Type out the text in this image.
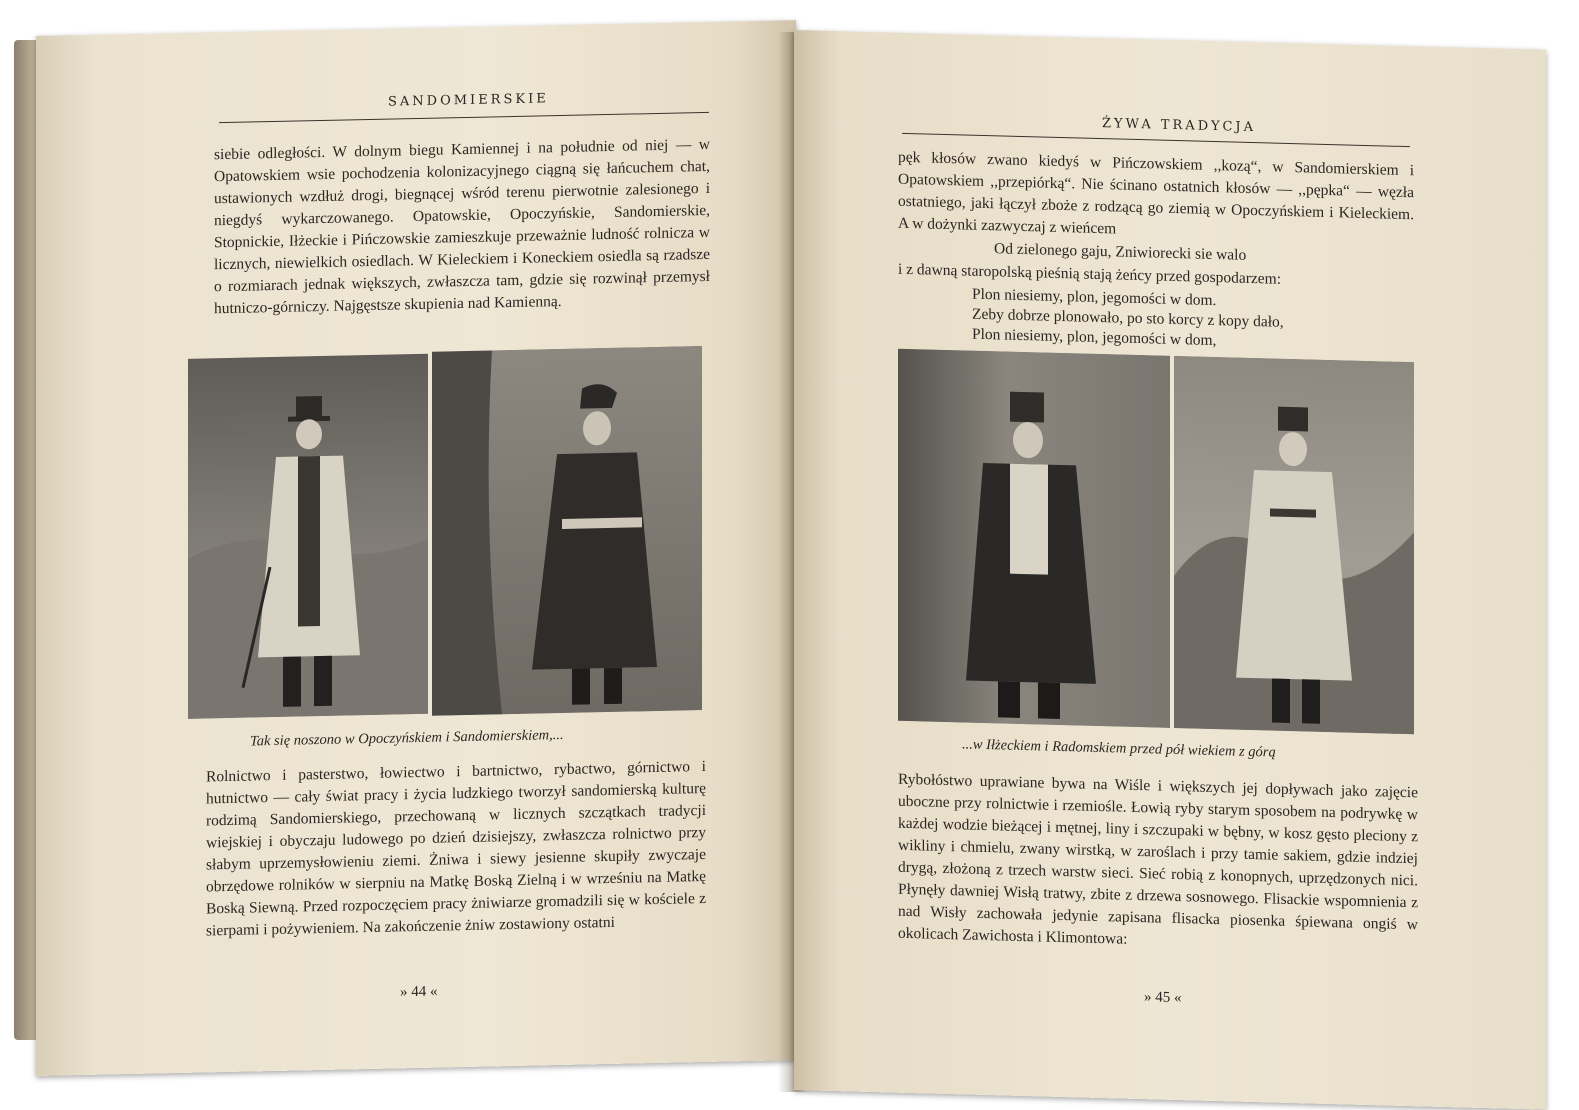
SANDOMIERSKIE

siebie odległości. W dolnym biegu Kamiennej i na południe od niej — w Opatowskiem wsie pochodzenia kolonizacyjnego ciągną się łańcuchem chat, ustawionych wzdłuż drogi, biegnącej wśród terenu pierwotnie zalesionego i niegdyś wykarczowanego. Opatowskie, Opoczyńskie, Sandomierskie, Stopnickie, Iłżeckie i Pińczowskie zamieszkuje przeważnie ludność rolnicza w licznych, niewielkich osiedlach. W Kieleckiem i Koneckiem osiedla są rzadsze o rozmiarach jednak większych, zwłaszcza tam, gdzie się rozwinął przemysł hutniczo-górniczy. Najgęstsze skupienia nad Kamienną.

Tak się noszono w Opoczyńskiem i Sandomierskiem,...

Rolnictwo i pasterstwo, łowiectwo i bartnictwo, rybactwo, górnictwo i hutnictwo — cały świat pracy i życia ludzkiego tworzył sandomierską kulturę rodzimą Sandomierskiego, przechowaną w licznych szczątkach tradycji wiejskiej i obyczaju ludowego po dzień dzisiejszy, zwłaszcza rolnictwo przy słabym uprzemysłowieniu ziemi. Żniwa i siewy jesienne skupiły zwyczaje obrzędowe rolników w sierpniu na Matkę Boską Zielną i w wrześniu na Matkę Boską Siewną. Przed rozpoczęciem pracy żniwiarze gromadzili się w kościele z sierpami i pożywieniem. Na zakończenie żniw zostawiony ostatni

» 44 «
ŻYWA TRADYCJA

pęk kłosów zwano kiedyś w Pińczowskiem ,,kozą“, w Sandomierskiem i Opatowskiem ,,przepiórką“. Nie ścinano ostatnich kłosów — ,,pępka“ — węzła ostatniego, jaki łączył zboże z rodzącą go ziemią w Opoczyńskiem i Kieleckiem. A w dożynki zazwyczaj z wieńcem

Od zielonego gaju, Zniwiorecki sie walo

i z dawną staropolską pieśnią stają żeńcy przed gospodarzem:

Plon niesiemy, plon, jegomości w dom.
Zeby dobrze plonowało, po sto korcy z kopy dało,
Plon niesiemy, plon, jegomości w dom,
...w Iłżeckiem i Radomskiem przed pół wiekiem z górą

Rybołóstwo uprawiane bywa na Wiśle i większych jej dopływach jako zajęcie uboczne przy rolnictwie i rzemiośle. Łowią ryby starym sposobem na podrywkę w każdej wodzie bieżącej i mętnej, liny i szczupaki w bębny, w kosz gęsto pleciony z wikliny i chmielu, zwany wirstką, w zaroślach i przy tamie sakiem, gdzie indziej drygą, złożoną z trzech warstw sieci. Sieć robią z konopnych, uprzędzonych nici. Płynęły dawniej Wisłą tratwy, zbite z drzewa sosnowego. Flisackie wspomnienia z nad Wisły zachowała jedynie zapisana flisacka piosenka śpiewana ongiś w okolicach Zawichosta i Klimontowa:

» 45 «
